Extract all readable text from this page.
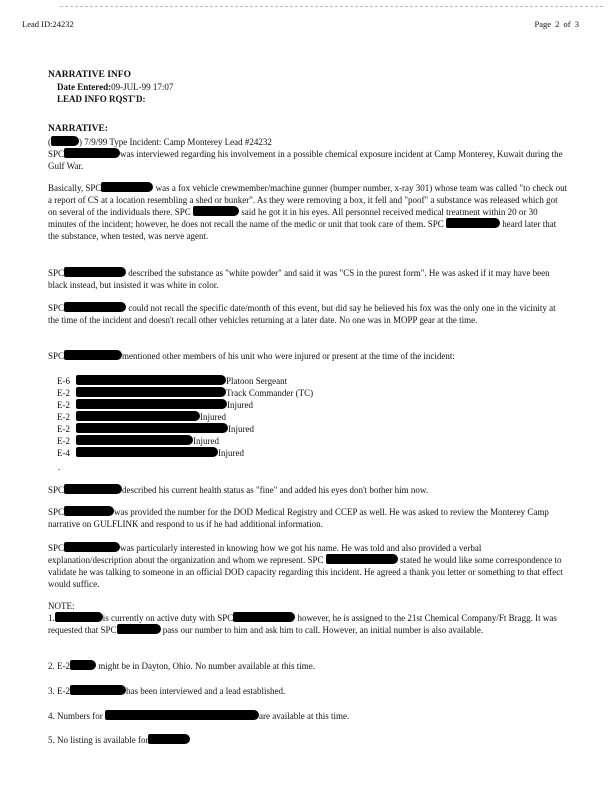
Lead ID:24232	Page 2 of 3
NARRATIVE INFO
Date Entered:09-JUL-99 17:07
LEAD INFO RQST'D:
NARRATIVE:

(	) 7/9/99 Type Incident: Camp Monterey Lead #24232

SPC	was interviewed regarding his involvement in a possible chemical exposure incident at Camp Monterey, Kuwait during the Gulf War.

Basically, SPC	was a fox vehicle crewmember/machine gunner (bumper number, x-ray 301) whose team was called "to check out a report of CS at a location resembling a shed or bunker". As they were removing a box, it fell and "poof" a substance was released which got on several of the individuals there. SPC	said he got it in his eyes. All personnel received medical treatment within 20 or 30 minutes of the incident; however, he does not recall the name of the medic or unit that took care of them. SPC	heard later that the substance, when tested, was nerve agent.

SPC	described the substance as "white powder" and said it was "CS in the purest form". He was asked if it may have been black instead, but insisted it was white in color.

SPC	could not recall the specific date/month of this event, but did say he believed his fox was the only one in the vicinity at the time of the incident and doesn't recall other vehicles returning at a later date. No one was in MOPP gear at the time.

SPC	mentioned other members of his unit who were injured or present at the time of the incident:

E-6	Platoon Sergeant
E-2	Track Commander (TC)
E-2	Injured
E-2	Injured
E-2	Injured
E-2	Injured
E-4	Injured
.

SPC	described his current health status as "fine" and added his eyes don't bother him now.

SPC	was provided the number for the DOD Medical Registry and CCEP as well. He was asked to review the Monterey Camp narrative on GULFLINK and respond to us if he had additional information.

SPC	was particularly interested in knowing how we got his name. He was told and also provided a verbal explanation/description about the organization and whom we represent. SPC	stated he would like some correspondence to validate he was talking to someone in an official DOD capacity regarding this incident. He agreed a thank you letter or something to that effect would suffice.

NOTE:

1.	is currently on active duty with SPC	however, he is assigned to the 21st Chemical Company/Ft Bragg. It was requested that SPC	pass our number to him and ask him to call. However, an initial number is also available.

2. E-2	might be in Dayton, Ohio. No number available at this time.
3. E-2	has been interviewed and a lead established.
4. Numbers for	are available at this time.
5. No listing is available for
